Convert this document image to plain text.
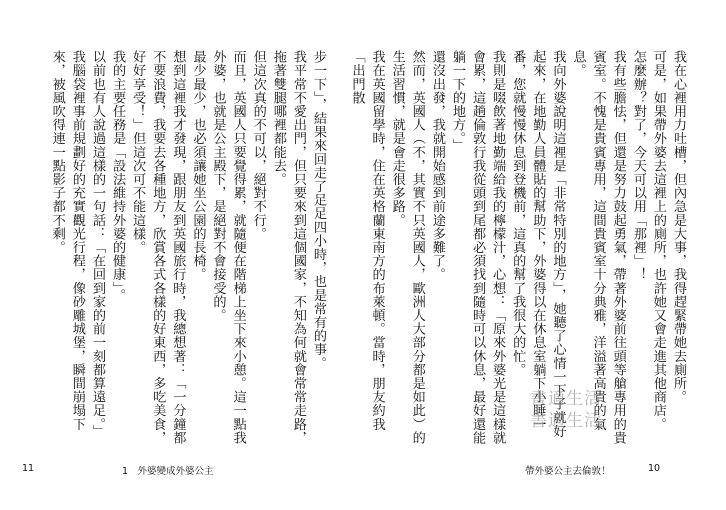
步一下」，結果來回走了足足四小時，也是常有的事。

我平常不愛出門，但只要來到這個國家，不知為何就會常常走路，拖著雙腿哪裡都能去。

但這次真的不可以，絕對不行。

而且，英國人只要覺得累，就隨便在階梯上坐下來小憩。這一點我外婆，也就是公主殿下，是絕對不會接受的。

最少最少，也必須讓她坐公園的長椅。

想到這裡我才發現，跟朋友到英國旅行時，我總想著：「一分鐘都不要浪費，我要去各種地方，欣賞各式各樣的好東西，多吃美食，好好享受！」但這次可不能這樣。

我的主要任務是「設法維持外婆的健康」。

以前也有人說過這樣的一句話：「在回到家的前一刻都算遠足。」

我腦袋裡事前規劃好的充實觀光行程，像砂雕城堡，瞬間崩塌下來，被風吹得連一點影子都不剩。

11	1　外婆變成外婆公主

我在心裡用力吐槽，但內急是大事，我得趕緊帶她去廁所。

可是，如果帶外婆去這裡上的廁所，也許她又會走進其他商店。

怎麼辦？對了，今天可以用「那裡」！

我有些膽怯，但還是努力鼓起勇氣，帶著外婆前往頭等艙專用的貴賓室。不愧是貴賓專用，這間貴賓室十分典雅，洋溢著高貴的氣息。

我向外婆說明這裡是「非常特別的地方」，她聽了心情一下子就好起來，在地勤人員體貼的幫助下，外婆得以在休息室躺下小睡一番，您就慢慢休息到登機前，這真的幫了我很大的忙。

我則是啜飲著地勤端給我的檸檬汁，心想：「原來外婆光是這樣就會累，這趟倫敦行我從頭到尾都必須找到隨時可以休息，最好還能躺一下的地方。」

還沒出發，我就開始感到前途多難了。

然而，英國人（不，其實不只英國人，歐洲人大部分都是如此）的生活習慣，就是會走很多路。

我在英國留學時，住在英格蘭東南方的布萊頓。當時，朋友約我「出門散

帶外婆公主去倫敦！	10
書適生活
書適生活
